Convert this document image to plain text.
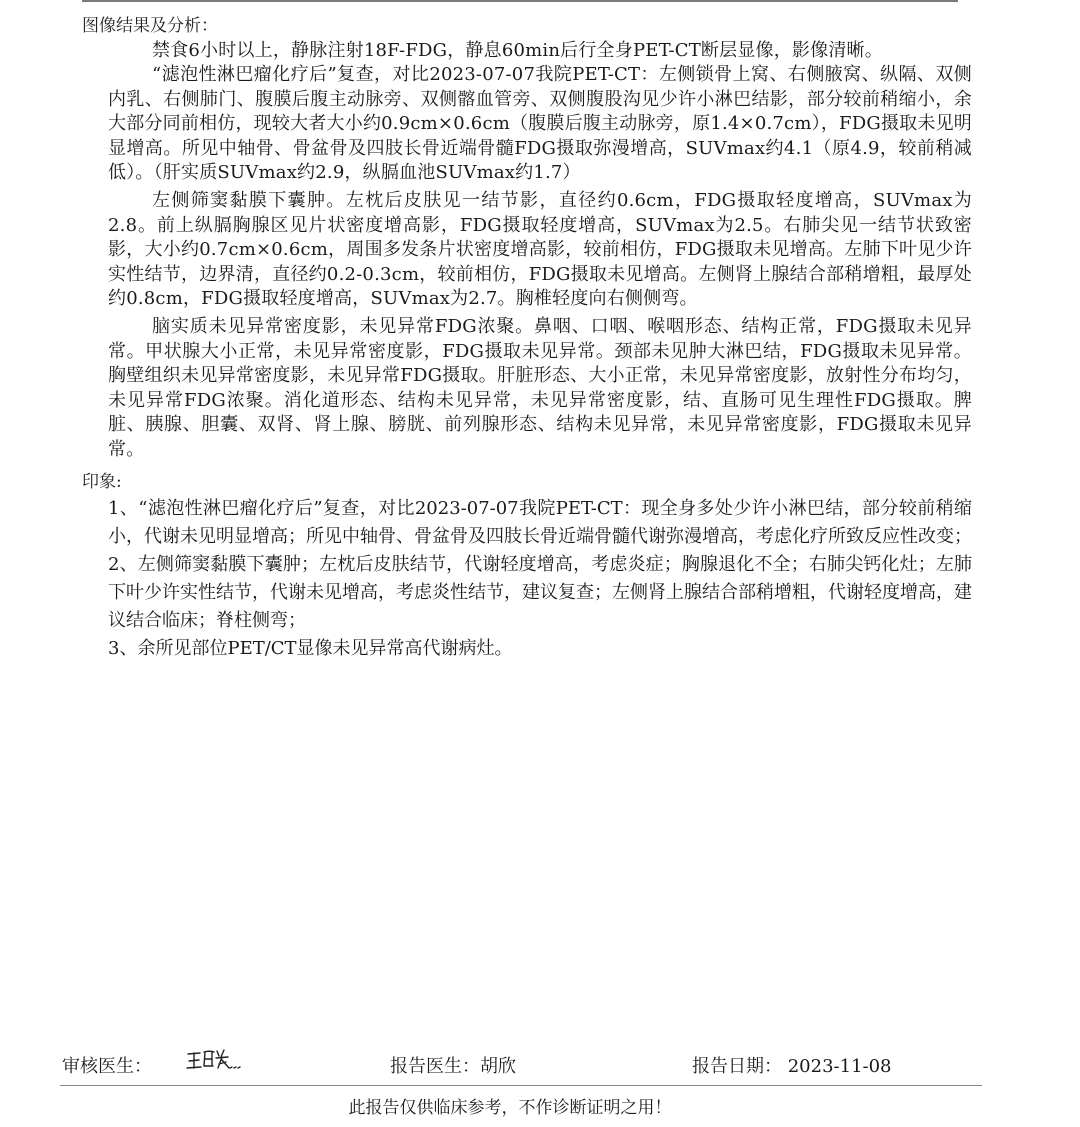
图像结果及分析：

禁食6小时以上，静脉注射18F-FDG，静息60min后行全身PET-CT断层显像，影像清晰。

“滤泡性淋巴瘤化疗后”复查，对比2023-07-07我院PET-CT：左侧锁骨上窝、右侧腋窝、纵隔、双侧内乳、右侧肺门、腹膜后腹主动脉旁、双侧髂血管旁、双侧腹股沟见少许小淋巴结影，部分较前稍缩小，余大部分同前相仿，现较大者大小约0.9cm×0.6cm（腹膜后腹主动脉旁，原1.4×0.7cm），FDG摄取未见明显增高。所见中轴骨、骨盆骨及四肢长骨近端骨髓FDG摄取弥漫增高，SUVmax约4.1（原4.9，较前稍减低）。（肝实质SUVmax约2.9，纵膈血池SUVmax约1.7）

左侧筛窦黏膜下囊肿。左枕后皮肤见一结节影，直径约0.6cm，FDG摄取轻度增高，SUVmax为2.8。前上纵膈胸腺区见片状密度增高影，FDG摄取轻度增高，SUVmax为2.5。右肺尖见一结节状致密影，大小约0.7cm×0.6cm，周围多发条片状密度增高影，较前相仿，FDG摄取未见增高。左肺下叶见少许实性结节，边界清，直径约0.2-0.3cm，较前相仿，FDG摄取未见增高。左侧肾上腺结合部稍增粗，最厚处约0.8cm，FDG摄取轻度增高，SUVmax为2.7。胸椎轻度向右侧侧弯。

脑实质未见异常密度影，未见异常FDG浓聚。鼻咽、口咽、喉咽形态、结构正常，FDG摄取未见异常。甲状腺大小正常，未见异常密度影，FDG摄取未见异常。颈部未见肿大淋巴结，FDG摄取未见异常。胸壁组织未见异常密度影，未见异常FDG摄取。肝脏形态、大小正常，未见异常密度影，放射性分布均匀，未见异常FDG浓聚。消化道形态、结构未见异常，未见异常密度影，结、直肠可见生理性FDG摄取。脾脏、胰腺、胆囊、双肾、肾上腺、膀胱、前列腺形态、结构未见异常，未见异常密度影，FDG摄取未见异常。

印象:

1、“滤泡性淋巴瘤化疗后”复查，对比2023-07-07我院PET-CT：现全身多处少许小淋巴结，部分较前稍缩小，代谢未见明显增高；所见中轴骨、骨盆骨及四肢长骨近端骨髓代谢弥漫增高，考虑化疗所致反应性改变；

2、左侧筛窦黏膜下囊肿；左枕后皮肤结节，代谢轻度增高，考虑炎症；胸腺退化不全；右肺尖钙化灶；左肺下叶少许实性结节，代谢未见增高，考虑炎性结节，建议复查；左侧肾上腺结合部稍增粗，代谢轻度增高，建议结合临床；脊柱侧弯；

3、余所见部位PET/CT显像未见异常高代谢病灶。

审核医生：	报告医生：胡欣	报告日期： 2023-11-08
此报告仅供临床参考，不作诊断证明之用！
